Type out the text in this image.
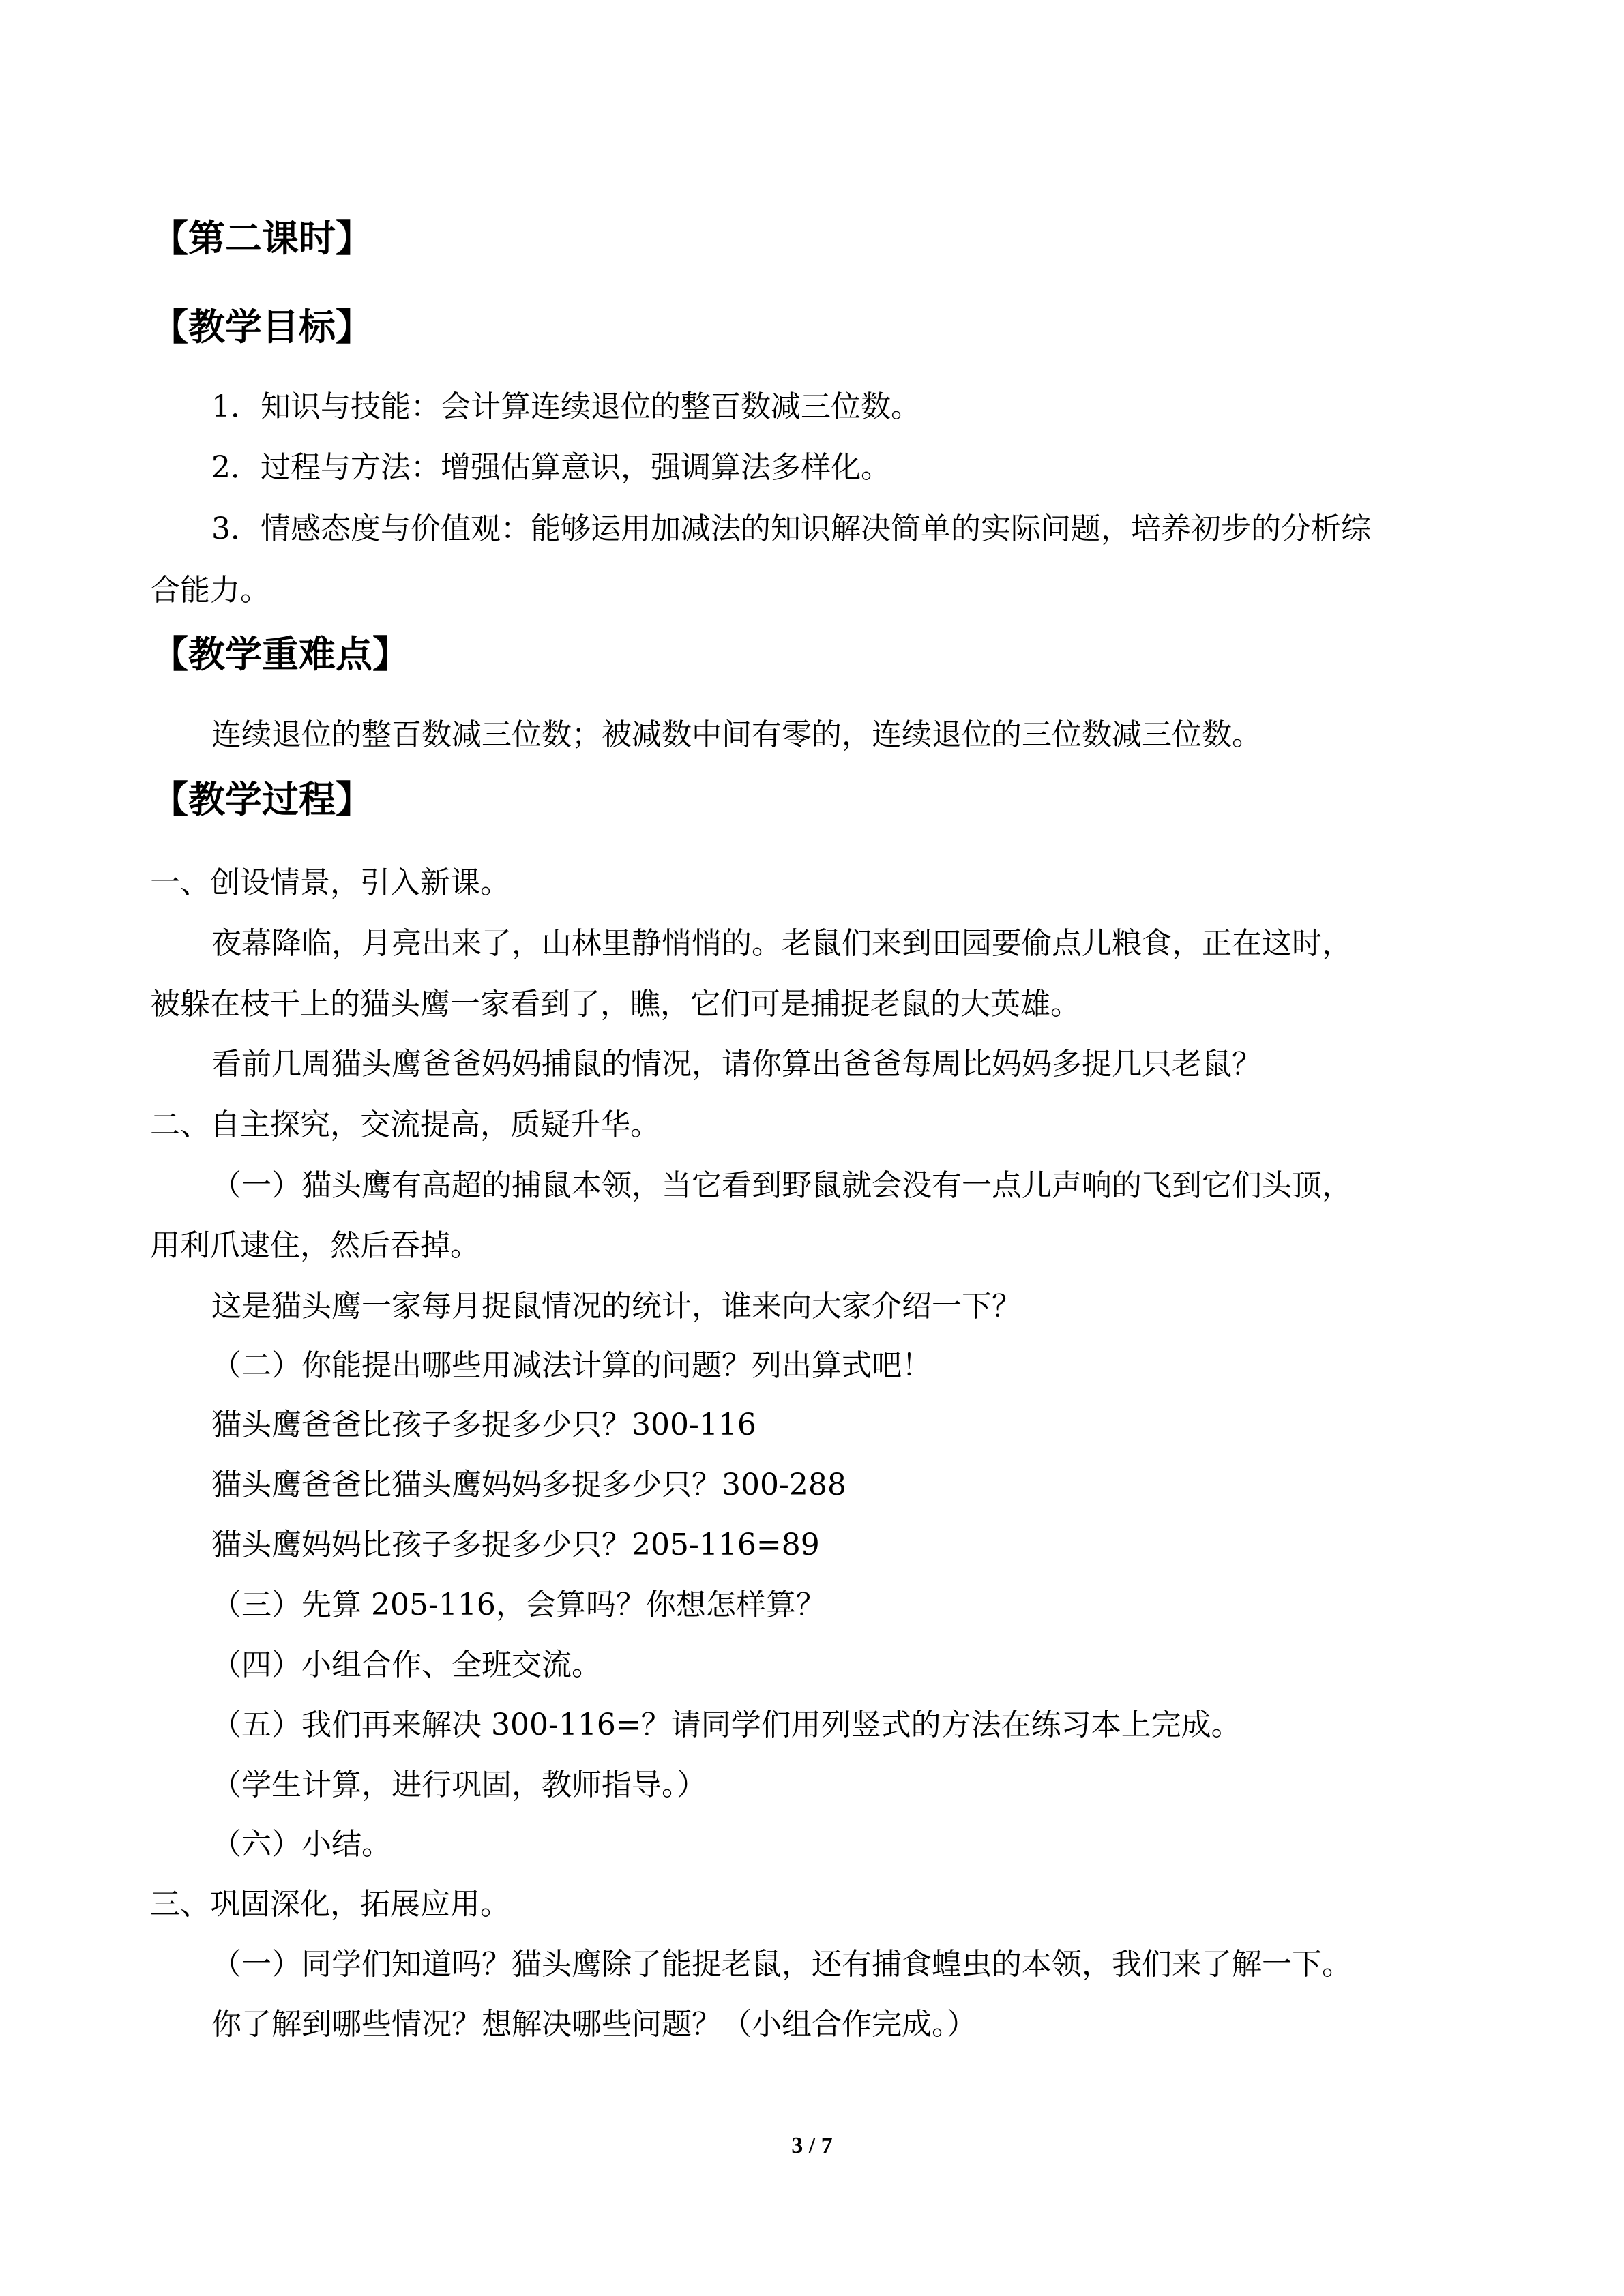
【第二课时】
【教学目标】
1．知识与技能：会计算连续退位的整百数减三位数。
2．过程与方法：增强估算意识，强调算法多样化。
3．情感态度与价值观：能够运用加减法的知识解决简单的实际问题，培养初步的分析综
合能力。
【教学重难点】
连续退位的整百数减三位数；被减数中间有零的，连续退位的三位数减三位数。
【教学过程】
一、创设情景，引入新课。
夜幕降临，月亮出来了，山林里静悄悄的。老鼠们来到田园要偷点儿粮食，正在这时，
被躲在枝干上的猫头鹰一家看到了，瞧，它们可是捕捉老鼠的大英雄。
看前几周猫头鹰爸爸妈妈捕鼠的情况，请你算出爸爸每周比妈妈多捉几只老鼠？
二、自主探究，交流提高，质疑升华。
（一）猫头鹰有高超的捕鼠本领，当它看到野鼠就会没有一点儿声响的飞到它们头顶，
用利爪逮住，然后吞掉。
这是猫头鹰一家每月捉鼠情况的统计，谁来向大家介绍一下？
（二）你能提出哪些用减法计算的问题？列出算式吧！
猫头鹰爸爸比孩子多捉多少只？300-116
猫头鹰爸爸比猫头鹰妈妈多捉多少只？300-288
猫头鹰妈妈比孩子多捉多少只？205-116=89
（三）先算 205-116，会算吗？你想怎样算？
（四）小组合作、全班交流。
（五）我们再来解决 300-116=？请同学们用列竖式的方法在练习本上完成。
（学生计算，进行巩固，教师指导。）
（六）小结。
三、巩固深化，拓展应用。
（一）同学们知道吗？猫头鹰除了能捉老鼠，还有捕食蝗虫的本领，我们来了解一下。
你了解到哪些情况？想解决哪些问题？（小组合作完成。）
3 / 7
